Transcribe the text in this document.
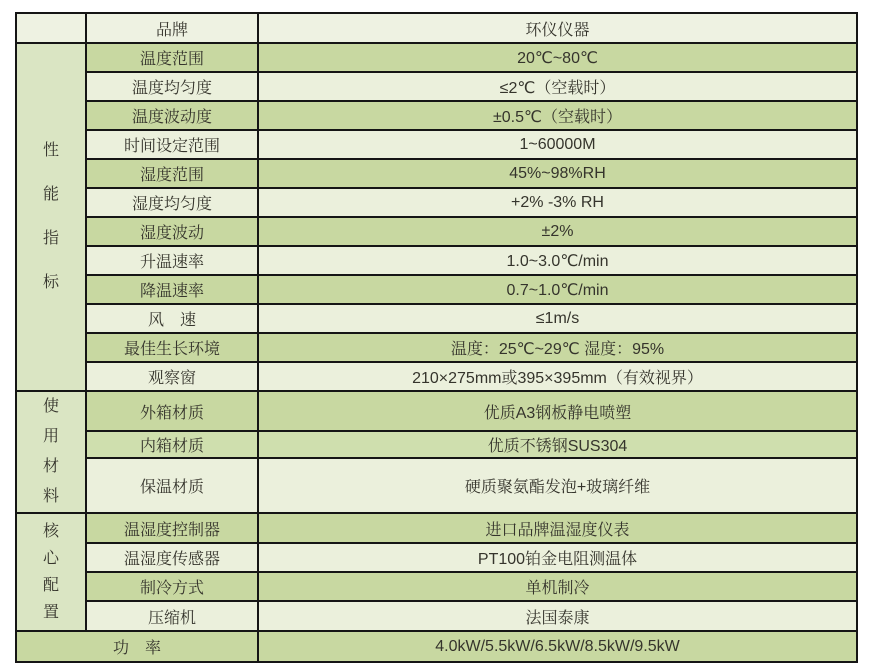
	品牌	环仪仪器

性能指标	温度范围	20℃~80℃
	温度均匀度	≤2℃（空载时）
	温度波动度	±0.5℃（空载时）
	时间设定范围	1~60000M
	湿度范围	45%~98%RH
	湿度均匀度	+2% -3% RH
	湿度波动	±2%
	升温速率	1.0~3.0℃/min
	降温速率	0.7~1.0℃/min
	风　速	≤1m/s
	最佳生长环境	温度：25℃~29℃ 湿度：95%
	观察窗	210×275mm或395×395mm（有效视界）

使用材料	外箱材质	优质A3钢板静电喷塑
	内箱材质	优质不锈钢SUS304
	保温材质	硬质聚氨酯发泡+玻璃纤维

核心配置	温湿度控制器	进口品牌温湿度仪表
	温湿度传感器	PT100铂金电阻测温体
	制冷方式	单机制冷
	压缩机	法国泰康
功　率		4.0kW/5.5kW/6.5kW/8.5kW/9.5kW
